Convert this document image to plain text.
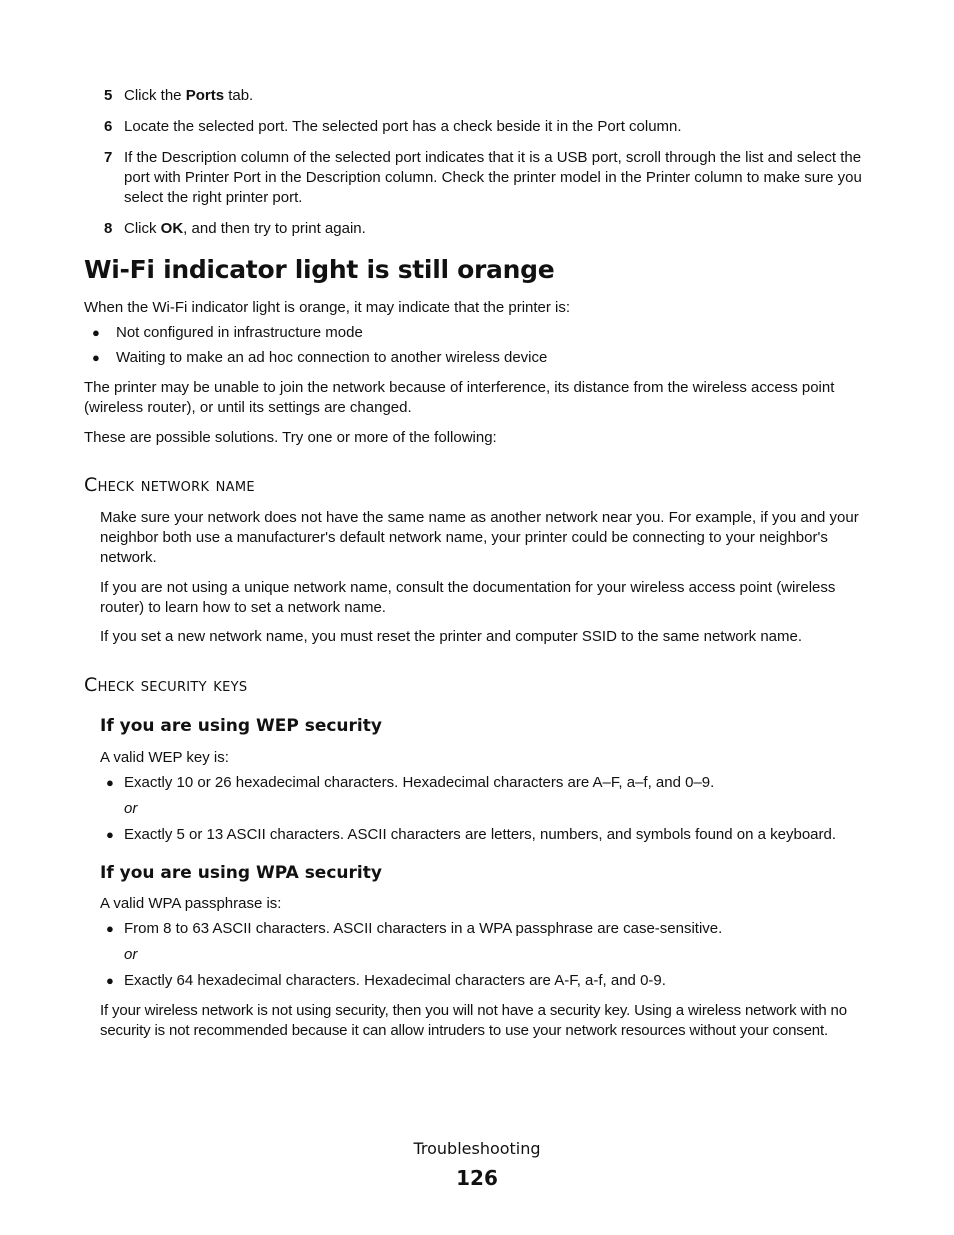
5 Click the Ports tab.
6 Locate the selected port. The selected port has a check beside it in the Port column.
7 If the Description column of the selected port indicates that it is a USB port, scroll through the list and select the port with Printer Port in the Description column. Check the printer model in the Printer column to make sure you select the right printer port.
8 Click OK, and then try to print again.
Wi-Fi indicator light is still orange

When the Wi-Fi indicator light is orange, it may indicate that the printer is:

●	Not configured in infrastructure mode
●	Waiting to make an ad hoc connection to another wireless device

The printer may be unable to join the network because of interference, its distance from the wireless access point (wireless router), or until its settings are changed.

These are possible solutions. Try one or more of the following:

Check network name

Make sure your network does not have the same name as another network near you. For example, if you and your neighbor both use a manufacturer's default network name, your printer could be connecting to your neighbor's network.

If you are not using a unique network name, consult the documentation for your wireless access point (wireless router) to learn how to set a network name.

If you set a new network name, you must reset the printer and computer SSID to the same network name.

Check security keys
If you are using WEP security

A valid WEP key is:

● Exactly 10 or 26 hexadecimal characters. Hexadecimal characters are A–F, a–f, and 0–9.
or
● Exactly 5 or 13 ASCII characters. ASCII characters are letters, numbers, and symbols found on a keyboard.
If you are using WPA security

A valid WPA passphrase is:

● From 8 to 63 ASCII characters. ASCII characters in a WPA passphrase are case-sensitive.
or
● Exactly 64 hexadecimal characters. Hexadecimal characters are A-F, a-f, and 0-9.

If your wireless network is not using security, then you will not have a security key. Using a wireless network with no security is not recommended because it can allow intruders to use your network resources without your consent.

Troubleshooting
126
